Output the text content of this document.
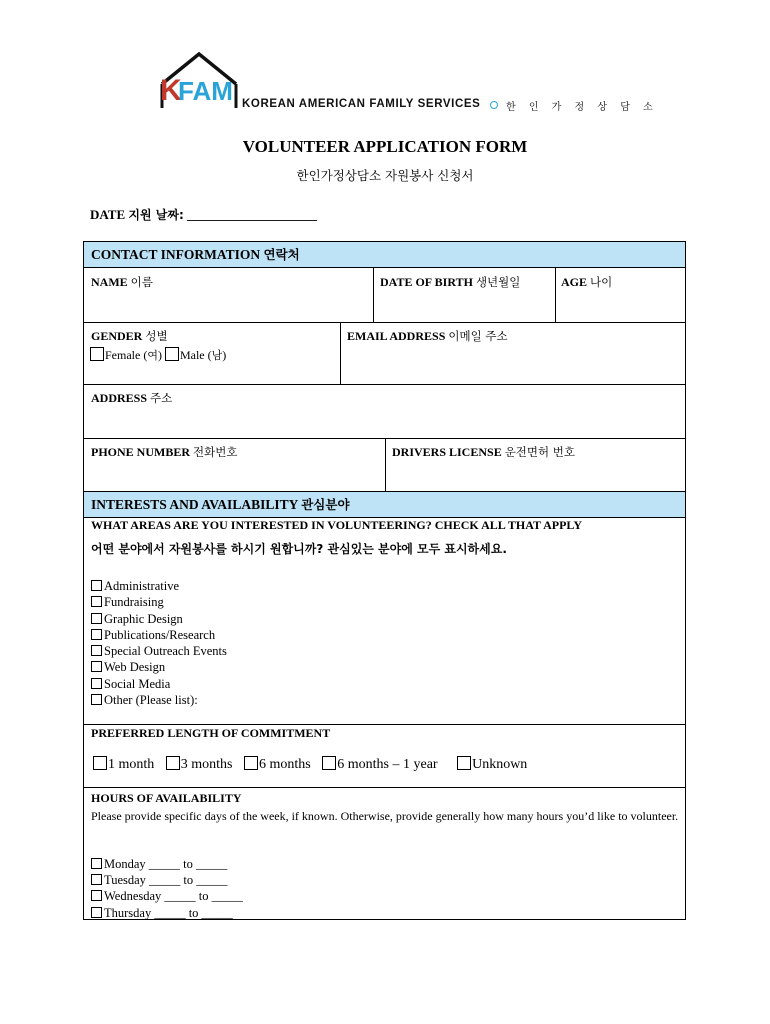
K
FAM KOREAN AMERICAN FAMILY SERVICES	한 인 가 정 상 담 소
VOLUNTEER APPLICATION FORM
한인가정상담소 자원봉사 신청서
DATE 지원 날짜: ____________________
CONTACT INFORMATION 연락처
NAME 이름	DATE OF BIRTH 생년월일	AGE 나이
GENDER 성별
Female (여) Male (남)
EMAIL ADDRESS 이메일 주소
ADDRESS 주소
PHONE NUMBER 전화번호	DRIVERS LICENSE 운전면허 번호
INTERESTS AND AVAILABILITY 관심분야
WHAT AREAS ARE YOU INTERESTED IN VOLUNTEERING? CHECK ALL THAT APPLY
어떤 분야에서 자원봉사를 하시기 원합니까? 관심있는 분야에 모두 표시하세요.
Administrative
Fundraising
Graphic Design
Publications/Research
Special Outreach Events
Web Design
Social Media
Other (Please list):
PREFERRED LENGTH OF COMMITMENT
1 month 3 months 6 months 6 months – 1 year Unknown
HOURS OF AVAILABILITY
Please provide specific days of the week, if known. Otherwise, provide generally how many hours you’d like to volunteer.
Monday _____ to _____
Tuesday _____ to _____
Wednesday _____ to _____
Thursday _____ to _____
